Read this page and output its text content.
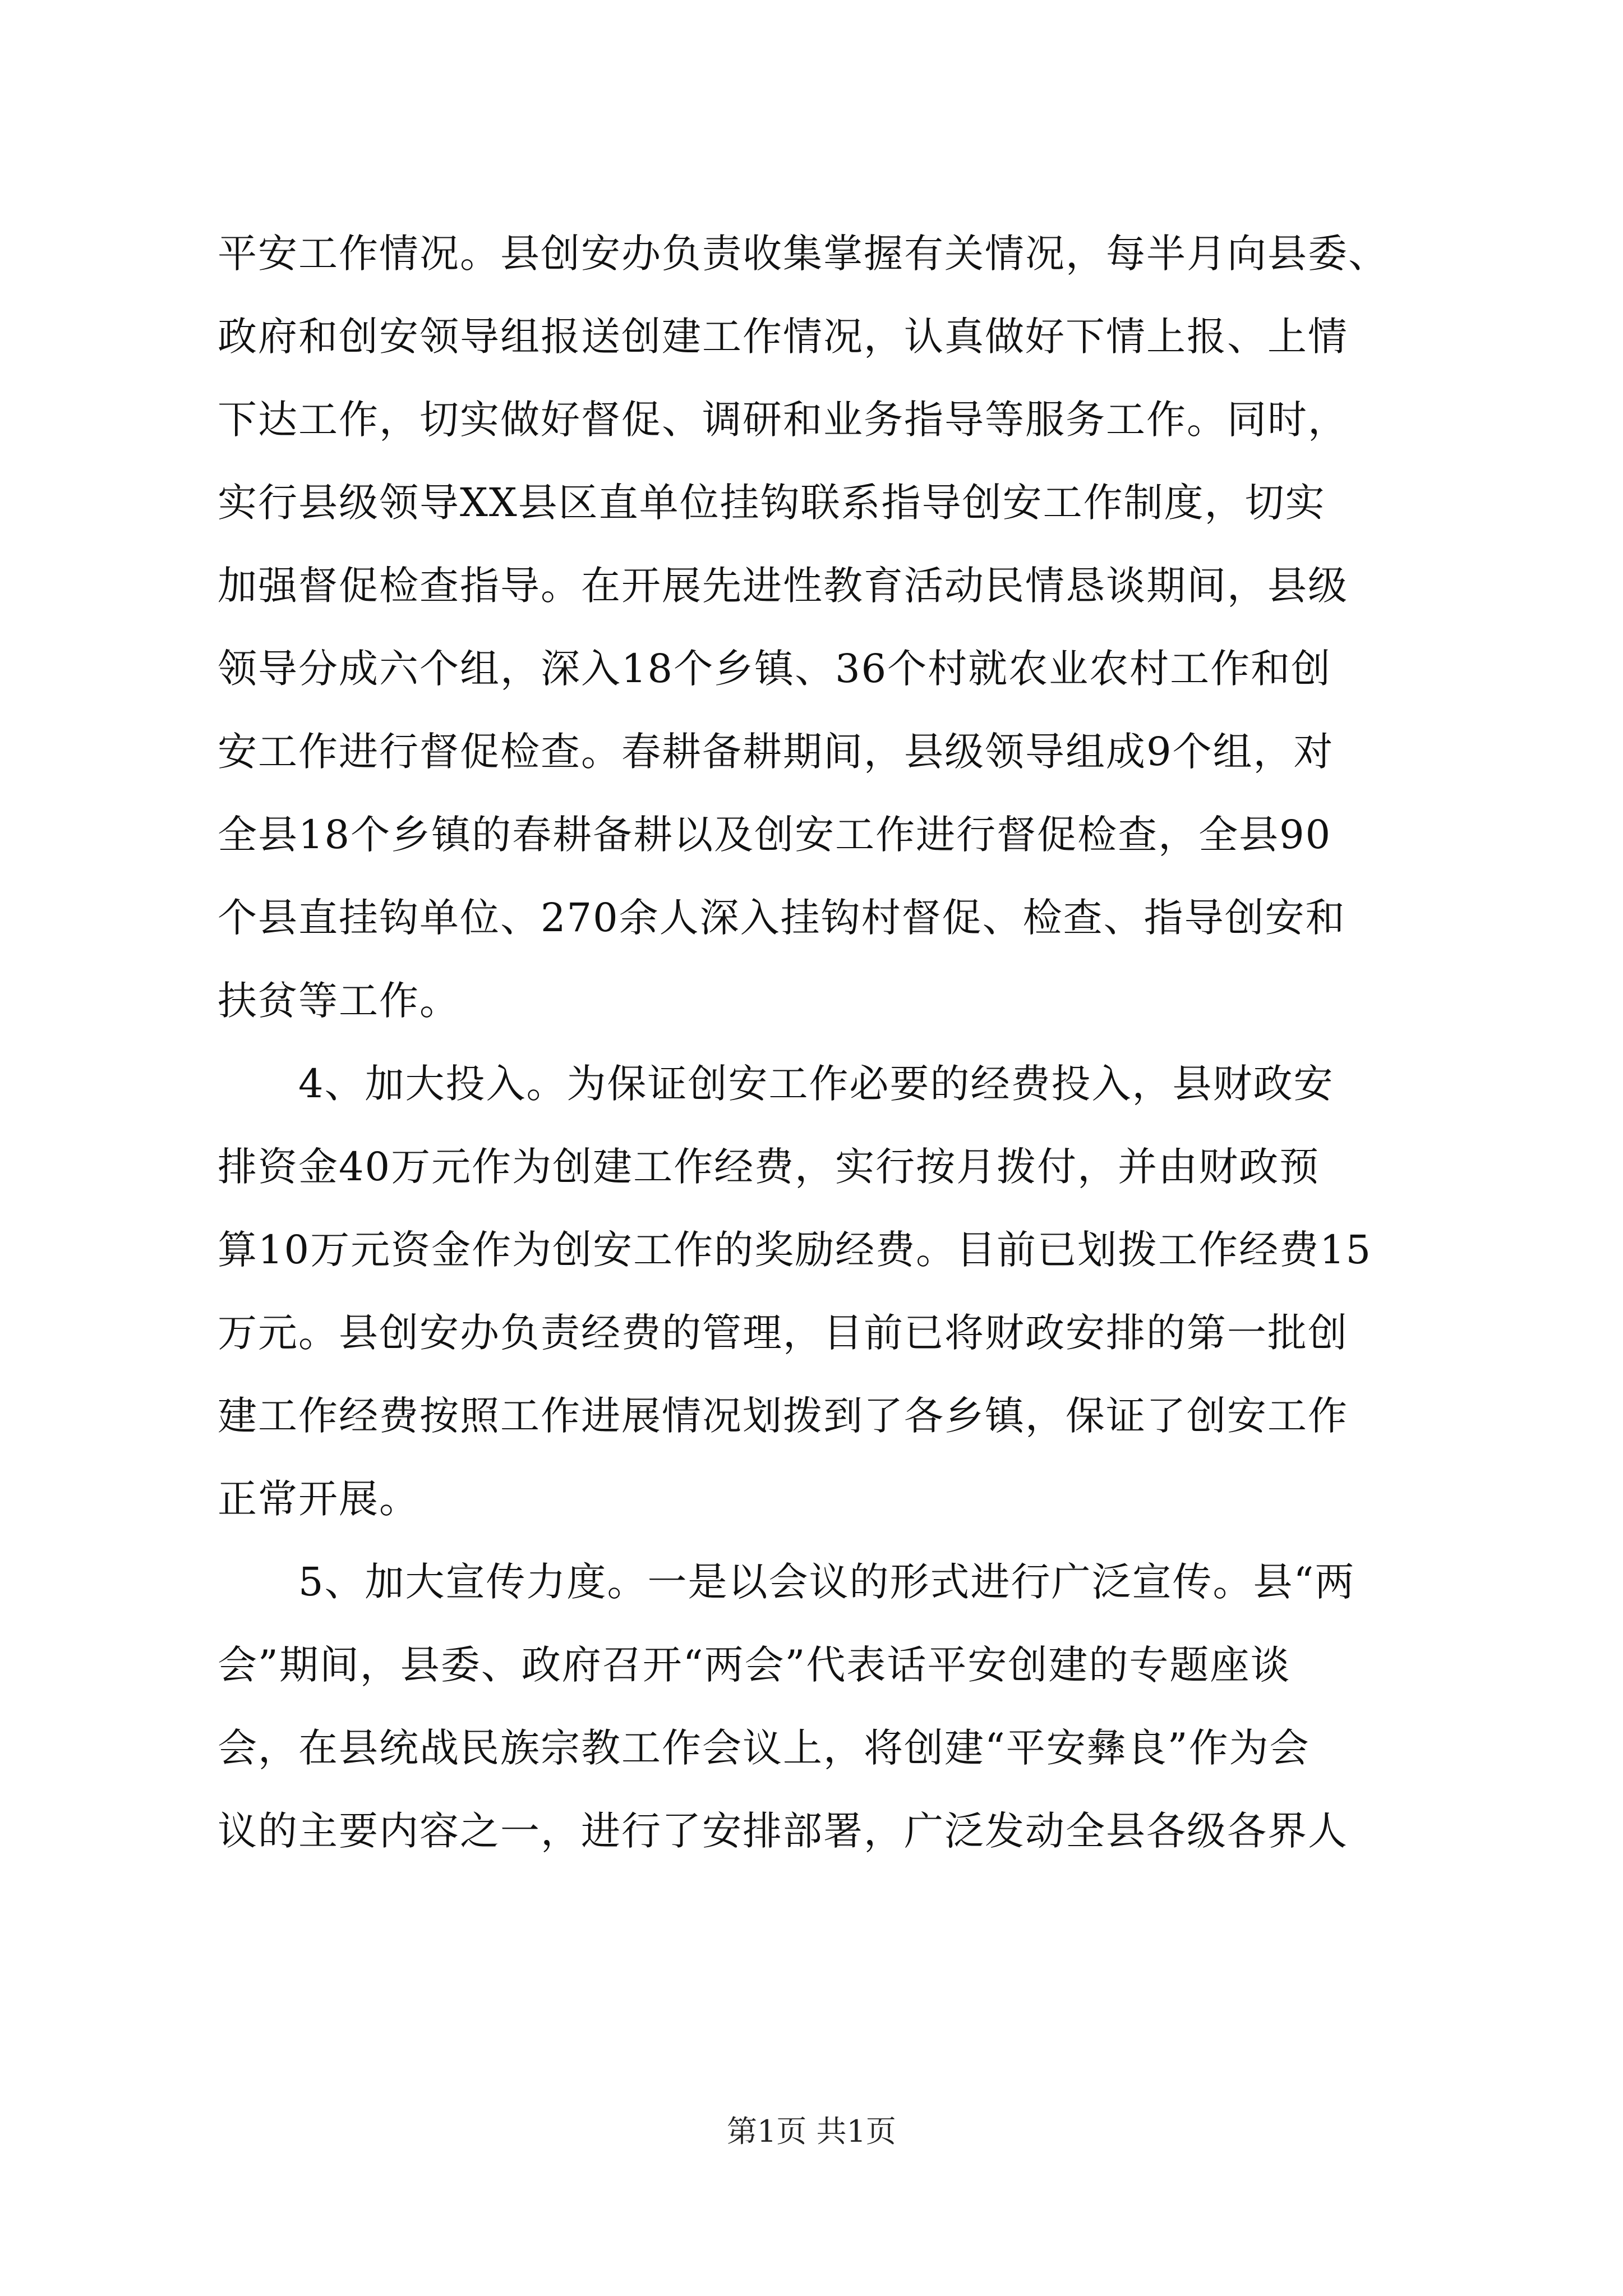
平安工作情况。县创安办负责收集掌握有关情况，每半月向县委、
政府和创安领导组报送创建工作情况，认真做好下情上报、上情
下达工作，切实做好督促、调研和业务指导等服务工作。同时，
实行县级领导XX县区直单位挂钩联系指导创安工作制度，切实
加强督促检查指导。在开展先进性教育活动民情恳谈期间，县级
领导分成六个组，深入18个乡镇、36个村就农业农村工作和创
安工作进行督促检查。春耕备耕期间，县级领导组成9个组，对
全县18个乡镇的春耕备耕以及创安工作进行督促检查，全县90
个县直挂钩单位、270余人深入挂钩村督促、检查、指导创安和
扶贫等工作。
　　4、加大投入。为保证创安工作必要的经费投入，县财政安
排资金40万元作为创建工作经费，实行按月拨付，并由财政预
算10万元资金作为创安工作的奖励经费。目前已划拨工作经费15
万元。县创安办负责经费的管理，目前已将财政安排的第一批创
建工作经费按照工作进展情况划拨到了各乡镇，保证了创安工作
正常开展。
　　5、加大宣传力度。一是以会议的形式进行广泛宣传。县“两
会”期间，县委、政府召开“两会”代表话平安创建的专题座谈
会，在县统战民族宗教工作会议上，将创建“平安彝良”作为会
议的主要内容之一，进行了安排部署，广泛发动全县各级各界人
第1页 共1页
